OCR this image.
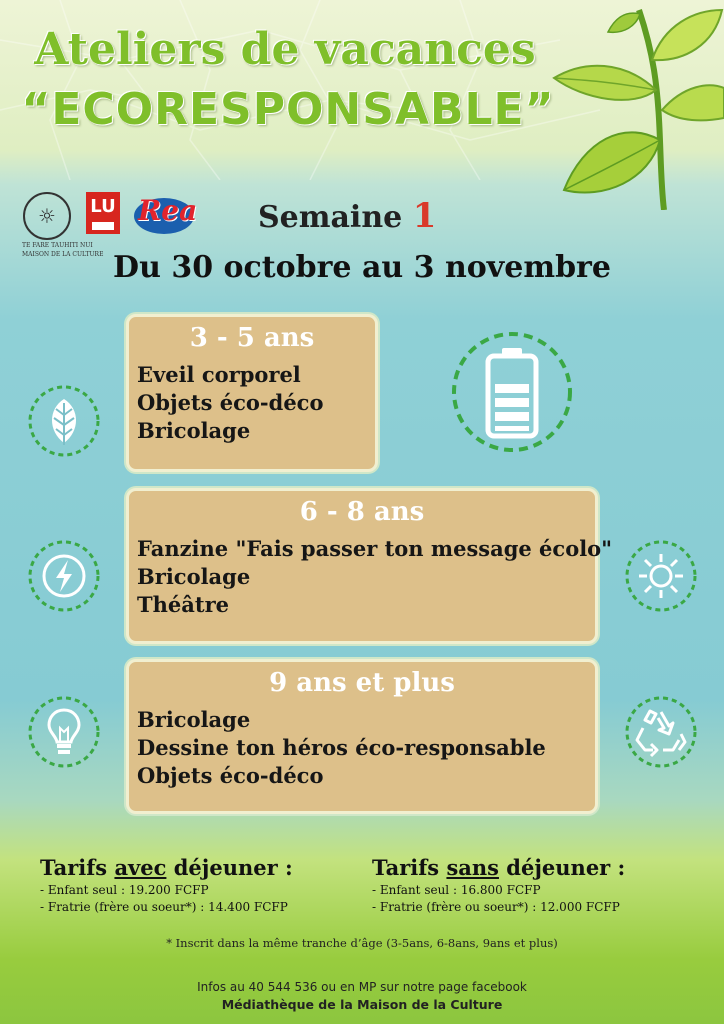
Ateliers de vacances
“ECORESPONSABLE”
☼
TE FARE TAUHITI NUI
MAISON DE LA CULTURE
LU Rea Semaine 1
Du 30 octobre au 3 novembre
3 - 5 ans
Eveil corporel
Objets éco-déco
Bricolage
6 - 8 ans
Fanzine "Fais passer ton message écolo"
Bricolage
Théâtre
9 ans et plus
Bricolage
Dessine ton héros éco-responsable
Objets éco-déco
Tarifs avec déjeuner :
- Enfant seul : 19.200 FCFP
- Fratrie (frère ou soeur*) : 14.400 FCFP
Tarifs sans déjeuner :
- Enfant seul : 16.800 FCFP
- Fratrie (frère ou soeur*) : 12.000 FCFP
* Inscrit dans la même tranche d’âge (3-5ans, 6-8ans, 9ans et plus)
Infos au 40 544 536 ou en MP sur notre page facebook
Médiathèque de la Maison de la Culture
